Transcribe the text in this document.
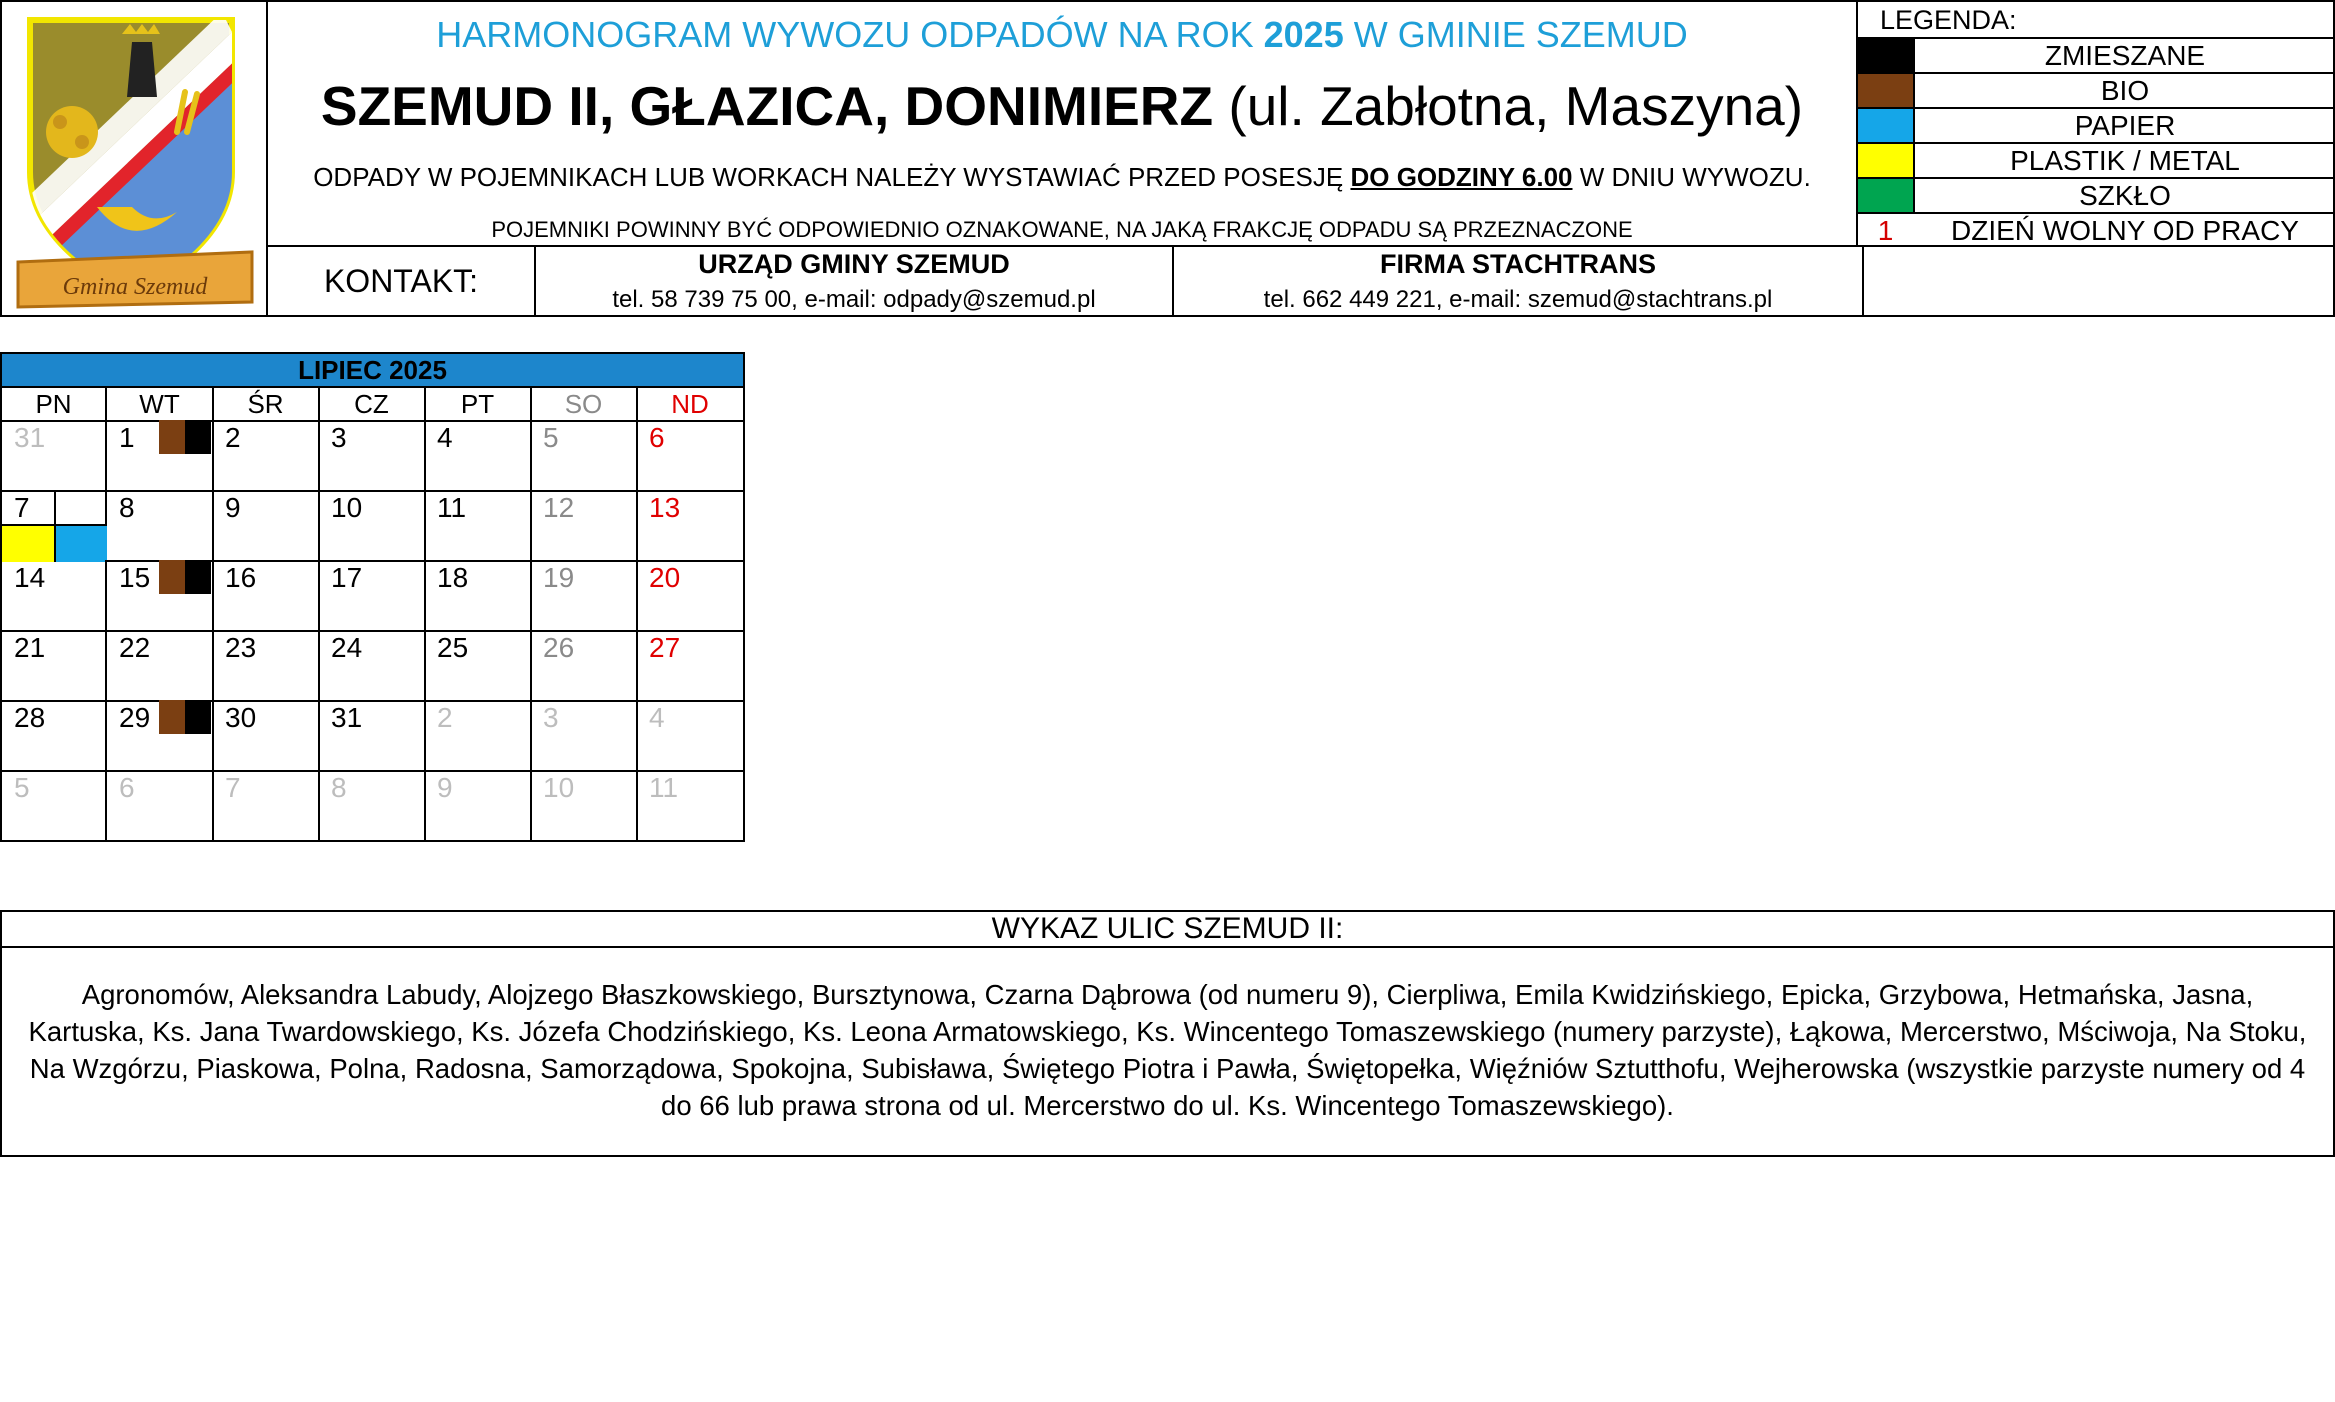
Gmina Szemud
HARMONOGRAM WYWOZU ODPADÓW NA ROK 2025 W GMINIE SZEMUD
SZEMUD II, GŁAZICA, DONIMIERZ (ul. Zabłotna, Maszyna)
ODPADY W POJEMNIKACH LUB WORKACH NALEŻY WYSTAWIAĆ PRZED POSESJĘ DO GODZINY 6.00 W DNIU WYWOZU.
POJEMNIKI POWINNY BYĆ ODPOWIEDNIO OZNAKOWANE, NA JAKĄ FRAKCJĘ ODPADU SĄ PRZEZNACZONE
LEGENDA:
ZMIESZANE
BIO
PAPIER
PLASTIK / METAL
SZKŁO
1	DZIEŃ WOLNY OD PRACY
KONTAKT:	URZĄD GMINY SZEMUD
tel. 58 739 75 00, e-mail: odpady@szemud.pl
FIRMA STACHTRANS
tel. 662 449 221, e-mail: szemud@stachtrans.pl
LIPIEC 2025
PN	WT	ŚR	CZ	PT	SO	ND
31	1	2	3	4	5	6
7	8	9	10	11	12	13
14	15	16	17	18	19	20
21	22	23	24	25	26	27
28	29	30	31	2	3	4
5	6	7	8	9	10	11
WYKAZ ULIC SZEMUD II:
Agronomów, Aleksandra Labudy, Alojzego Błaszkowskiego, Bursztynowa, Czarna Dąbrowa (od numeru 9), Cierpliwa, Emila Kwidzińskiego, Epicka, Grzybowa, Hetmańska, Jasna, Kartuska, Ks. Jana Twardowskiego, Ks. Józefa Chodzińskiego, Ks. Leona Armatowskiego, Ks. Wincentego Tomaszewskiego (numery parzyste), Łąkowa, Mercerstwo, Mściwoja, Na Stoku, Na Wzgórzu, Piaskowa, Polna, Radosna, Samorządowa, Spokojna, Subisława, Świętego Piotra i Pawła, Świętopełka, Więźniów Sztutthofu, Wejherowska (wszystkie parzyste numery od 4 do 66 lub prawa strona od ul. Mercerstwo do ul. Ks. Wincentego Tomaszewskiego).
